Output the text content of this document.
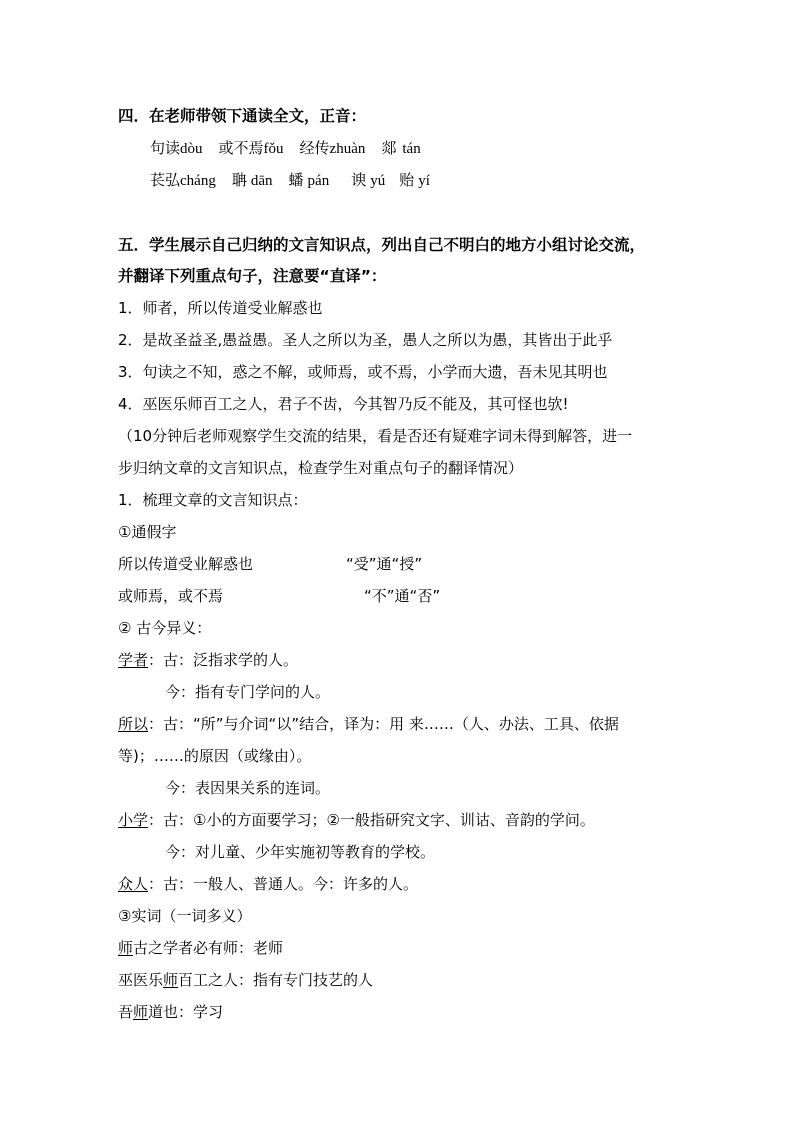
四．在老师带领下通读全文，正音：
句读dòu 或不焉fǒu 经传zhuàn 郯 tán
苌弘cháng 聃 dān 蟠 pán 谀 yú 贻 yí
五．学生展示自己归纳的文言知识点，列出自己不明白的地方小组讨论交流，
并翻译下列重点句子，注意要“直译”：
1．师者，所以传道受业解惑也
2．是故圣益圣,愚益愚。圣人之所以为圣，愚人之所以为愚，其皆出于此乎
3．句读之不知，惑之不解，或师焉，或不焉，小学而大遗，吾未见其明也
4．巫医乐师百工之人，君子不齿，今其智乃反不能及，其可怪也欤!
（10分钟后老师观察学生交流的结果，看是否还有疑难字词未得到解答，进一
步归纳文章的文言知识点，检查学生对重点句子的翻译情况）
1．梳理文章的文言知识点：
①通假字
所以传道受业解惑也	“受”通“授”
或师焉，或不焉	“不”通“否”
② 古今异义：
学者：古：泛指求学的人。
今：指有专门学问的人。
所以：古：“所”与介词“以”结合，译为：用 来……（人、办法、工具、依据
等)；……的原因（或缘由）。
今：表因果关系的连词。
小学：古：①小的方面要学习；②一般指研究文字、训诂、音韵的学问。
今：对儿童、少年实施初等教育的学校。
众人：古：一般人、普通人。今：许多的人。
③实词（一词多义）
师古之学者必有师：老师
巫医乐师百工之人：指有专门技艺的人
吾师道也：学习
